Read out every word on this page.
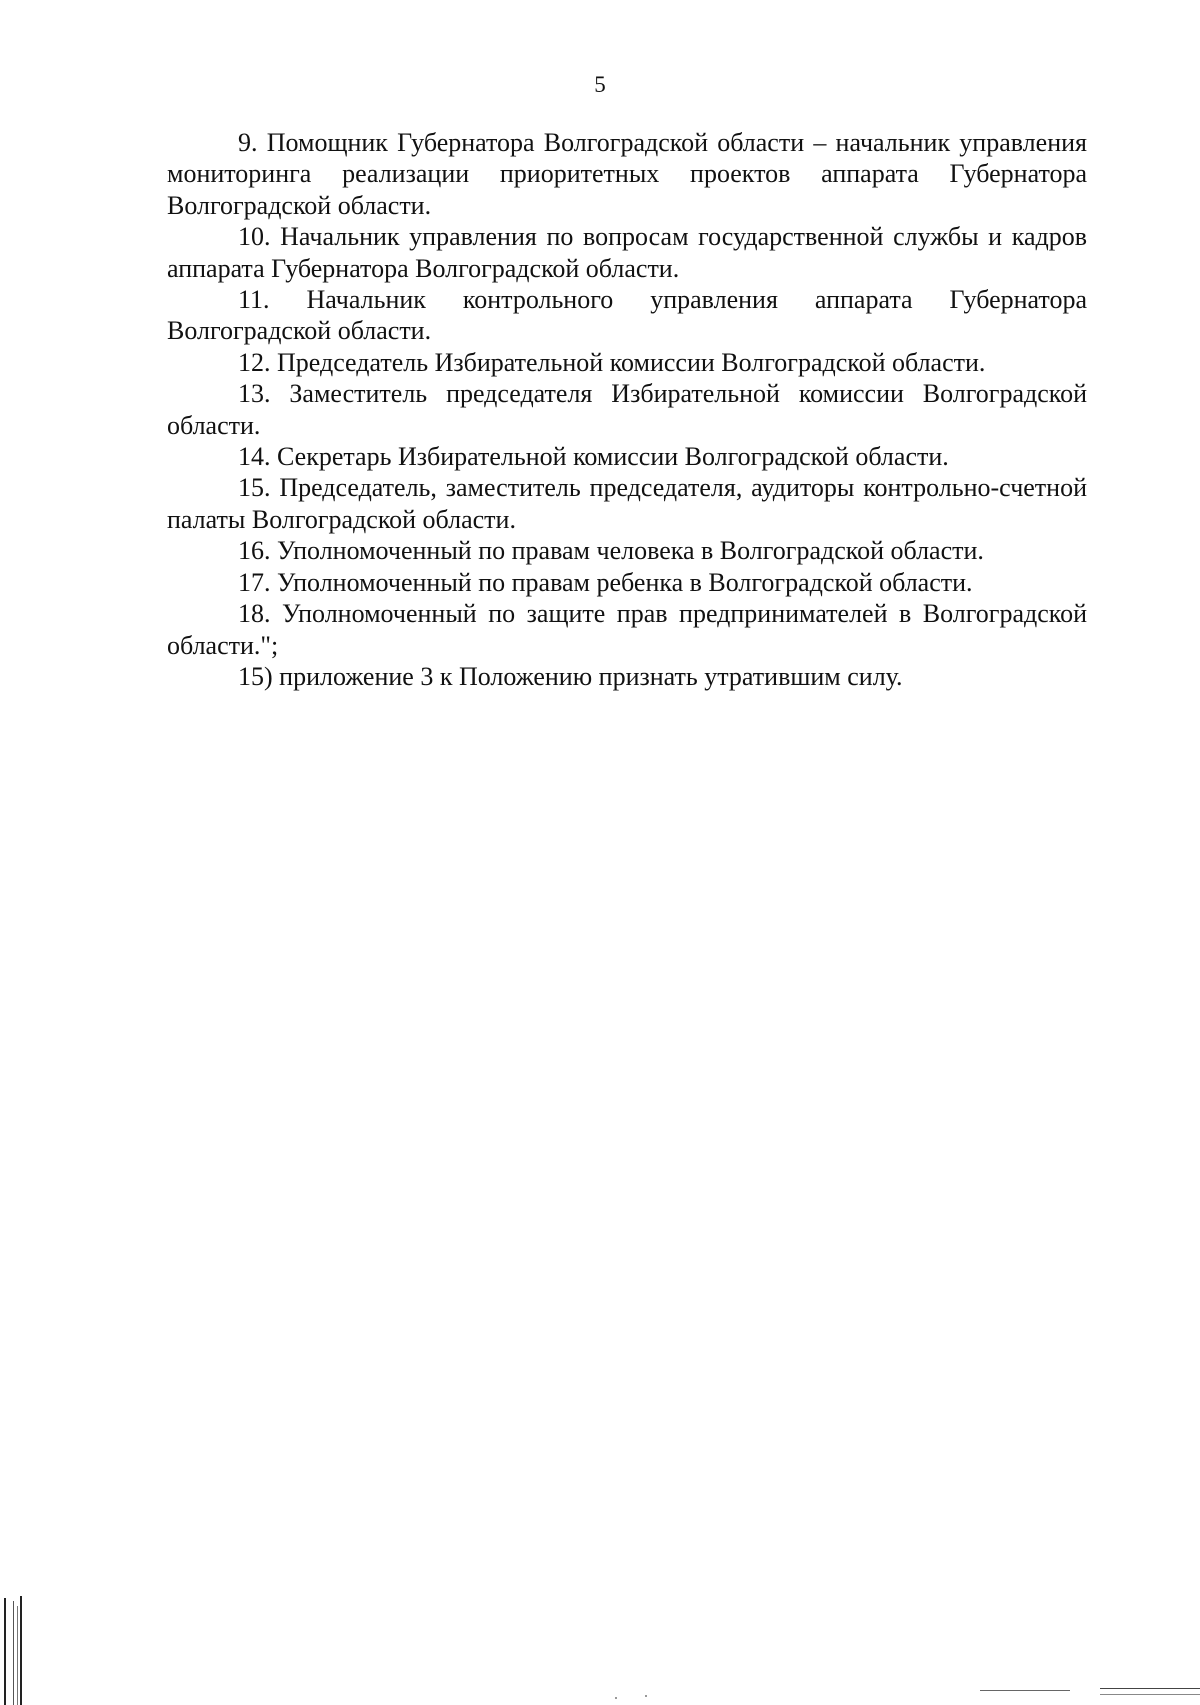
5

9. Помощник Губернатора Волгоградской области – начальник управления мониторинга реализации приоритетных проектов аппарата Губернатора Волгоградской области.

10. Начальник управления по вопросам государственной службы и кадров аппарата Губернатора Волгоградской области.

11. Начальник контрольного управления аппарата Губернатора Волгоградской области.

12. Председатель Избирательной комиссии Волгоградской области.

13. Заместитель председателя Избирательной комиссии Волгоградской области.

14. Секретарь Избирательной комиссии Волгоградской области.

15. Председатель, заместитель председателя, аудиторы контрольно-счетной палаты Волгоградской области.

16. Уполномоченный по правам человека в Волгоградской области.

17. Уполномоченный по правам ребенка в Волгоградской области.

18. Уполномоченный по защите прав предпринимателей в Волгоградской области.";

15) приложение 3 к Положению признать утратившим силу.
